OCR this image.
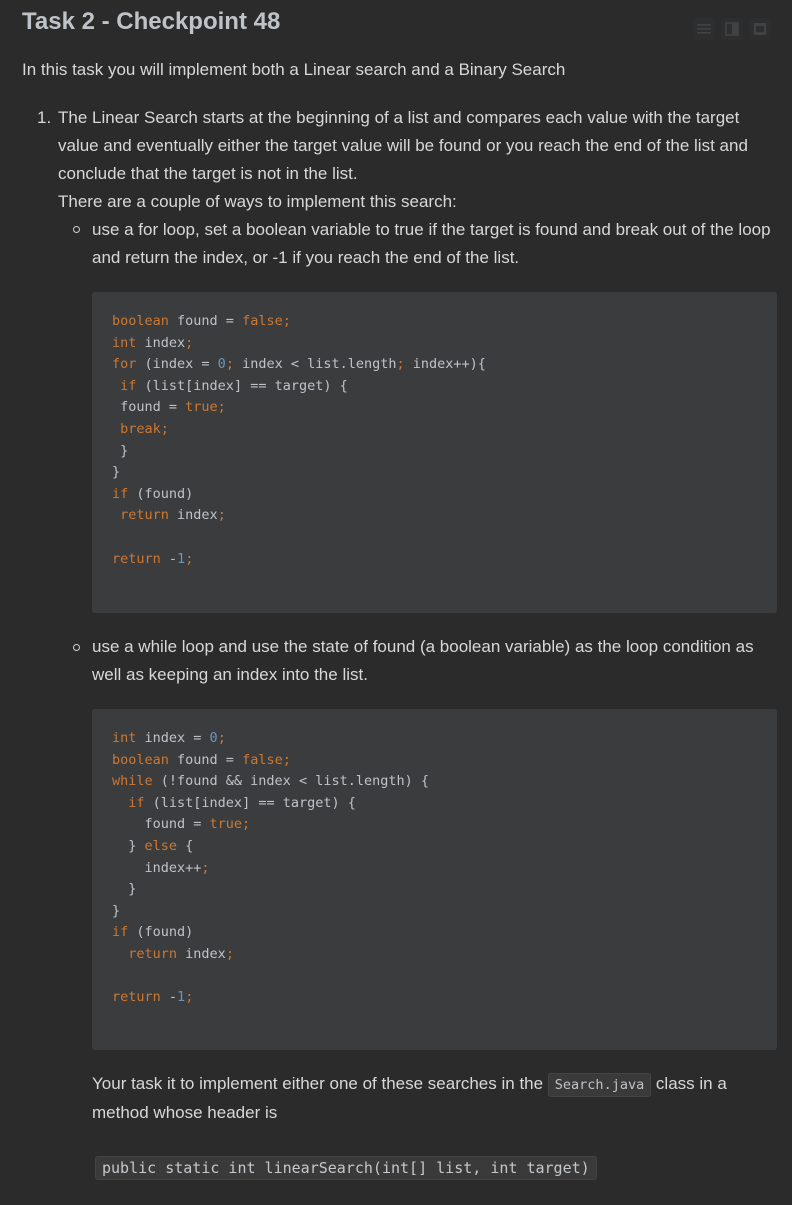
Task 2 - Checkpoint 48
In this task you will implement both a Linear search and a Binary Search
1. The Linear Search starts at the beginning of a list and compares each value with the target value and eventually either the target value will be found or you reach the end of the list and conclude that the target is not in the list.
There are a couple of ways to implement this search:
use a for loop, set a boolean variable to true if the target is found and break out of the loop and return the index, or -1 if you reach the end of the list.
boolean found = false;
int index;
for (index = 0; index < list.length; index++){
if (list[index] == target) {
found = true;
break;
}
}
if (found)
return index;

return -1;
use a while loop and use the state of found (a boolean variable) as the loop condition as well as keeping an index into the list.
int index = 0;
boolean found = false;
while (!found && index < list.length) {
if (list[index] == target) {
found = true;
} else {
index++;
}
}
if (found)
return index;

return -1;
Your task it to implement either one of these searches in the Search.java class in a method whose header is
public static int linearSearch(int[] list, int target)
